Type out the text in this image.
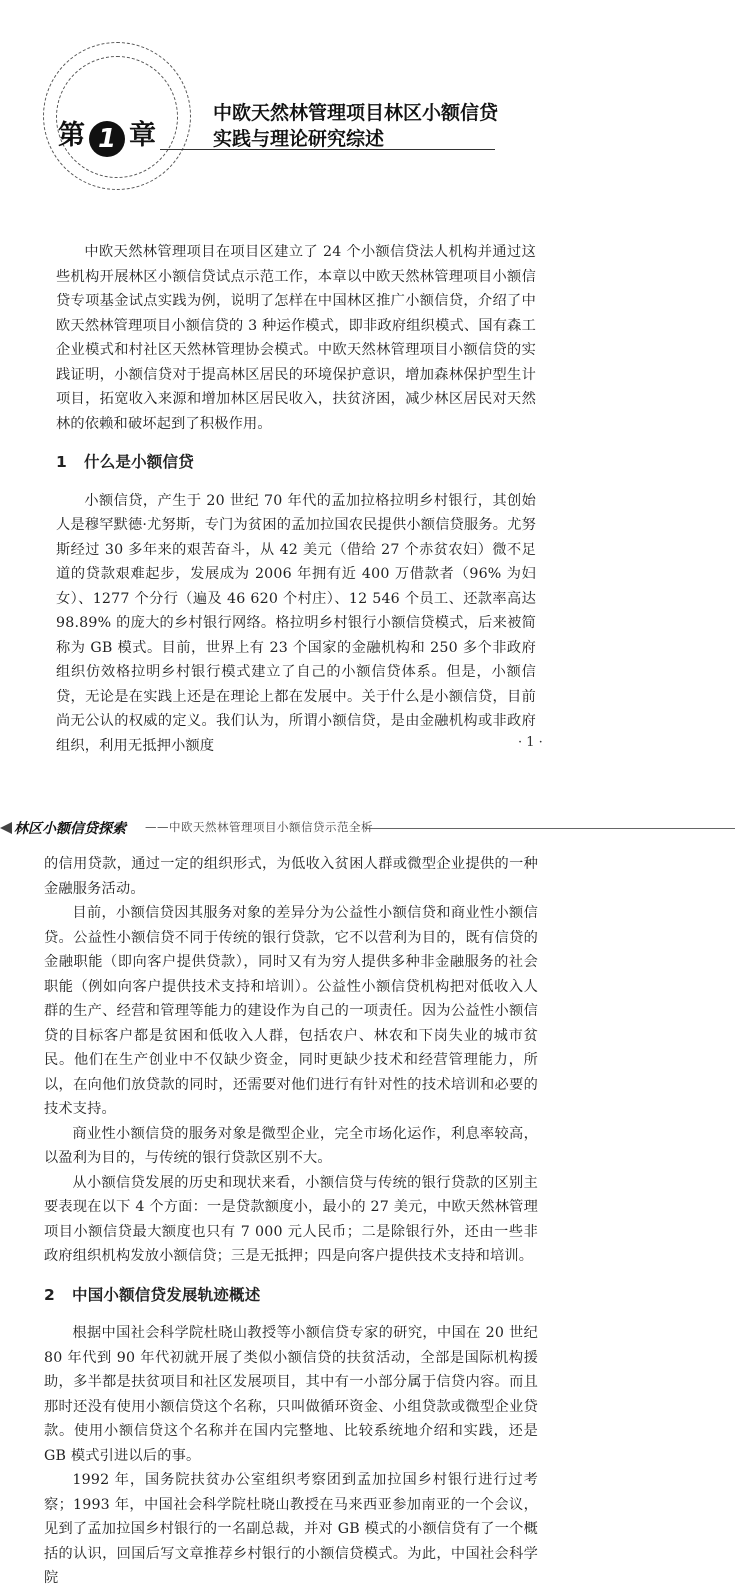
第 1 章
中欧天然林管理项目林区小额信贷
实践与理论研究综述

中欧天然林管理项目在项目区建立了 24 个小额信贷法人机构并通过这些机构开展林区小额信贷试点示范工作，本章以中欧天然林管理项目小额信贷专项基金试点实践为例，说明了怎样在中国林区推广小额信贷，介绍了中欧天然林管理项目小额信贷的 3 种运作模式，即非政府组织模式、国有森工企业模式和村社区天然林管理协会模式。中欧天然林管理项目小额信贷的实践证明，小额信贷对于提高林区居民的环境保护意识，增加森林保护型生计项目，拓宽收入来源和增加林区居民收入，扶贫济困，减少林区居民对天然林的依赖和破坏起到了积极作用。

1 什么是小额信贷

小额信贷，产生于 20 世纪 70 年代的孟加拉格拉明乡村银行，其创始人是穆罕默德·尤努斯，专门为贫困的孟加拉国农民提供小额信贷服务。尤努斯经过 30 多年来的艰苦奋斗，从 42 美元（借给 27 个赤贫农妇）微不足道的贷款艰难起步，发展成为 2006 年拥有近 400 万借款者（96% 为妇女）、1277 个分行（遍及 46 620 个村庄）、12 546 个员工、还款率高达 98.89% 的庞大的乡村银行网络。格拉明乡村银行小额信贷模式，后来被简称为 GB 模式。目前，世界上有 23 个国家的金融机构和 250 多个非政府组织仿效格拉明乡村银行模式建立了自己的小额信贷体系。但是，小额信贷，无论是在实践上还是在理论上都在发展中。关于什么是小额信贷，目前尚无公认的权威的定义。我们认为，所谓小额信贷，是由金融机构或非政府组织，利用无抵押小额度	· 1 ·
林区小额信贷探索 ——中欧天然林管理项目小额信贷示范全析

的信用贷款，通过一定的组织形式，为低收入贫困人群或微型企业提供的一种金融服务活动。

目前，小额信贷因其服务对象的差异分为公益性小额信贷和商业性小额信贷。公益性小额信贷不同于传统的银行贷款，它不以营利为目的，既有信贷的金融职能（即向客户提供贷款），同时又有为穷人提供多种非金融服务的社会职能（例如向客户提供技术支持和培训）。公益性小额信贷机构把对低收入人群的生产、经营和管理等能力的建设作为自己的一项责任。因为公益性小额信贷的目标客户都是贫困和低收入人群，包括农户、林农和下岗失业的城市贫民。他们在生产创业中不仅缺少资金，同时更缺少技术和经营管理能力，所以，在向他们放贷款的同时，还需要对他们进行有针对性的技术培训和必要的技术支持。

商业性小额信贷的服务对象是微型企业，完全市场化运作，利息率较高，以盈利为目的，与传统的银行贷款区别不大。

从小额信贷发展的历史和现状来看，小额信贷与传统的银行贷款的区别主要表现在以下 4 个方面：一是贷款额度小，最小的 27 美元，中欧天然林管理项目小额信贷最大额度也只有 7 000 元人民币；二是除银行外，还由一些非政府组织机构发放小额信贷；三是无抵押；四是向客户提供技术支持和培训。

2 中国小额信贷发展轨迹概述

根据中国社会科学院杜晓山教授等小额信贷专家的研究，中国在 20 世纪 80 年代到 90 年代初就开展了类似小额信贷的扶贫活动，全部是国际机构援助，多半都是扶贫项目和社区发展项目，其中有一小部分属于信贷内容。而且那时还没有使用小额信贷这个名称，只叫做循环资金、小组贷款或微型企业贷款。使用小额信贷这个名称并在国内完整地、比较系统地介绍和实践，还是 GB 模式引进以后的事。

1992 年，国务院扶贫办公室组织考察团到孟加拉国乡村银行进行过考察；1993 年，中国社会科学院杜晓山教授在马来西亚参加南亚的一个会议，见到了孟加拉国乡村银行的一名副总裁，并对 GB 模式的小额信贷有了一个概括的认识，回国后写文章推荐乡村银行的小额信贷模式。为此，中国社会科学院
